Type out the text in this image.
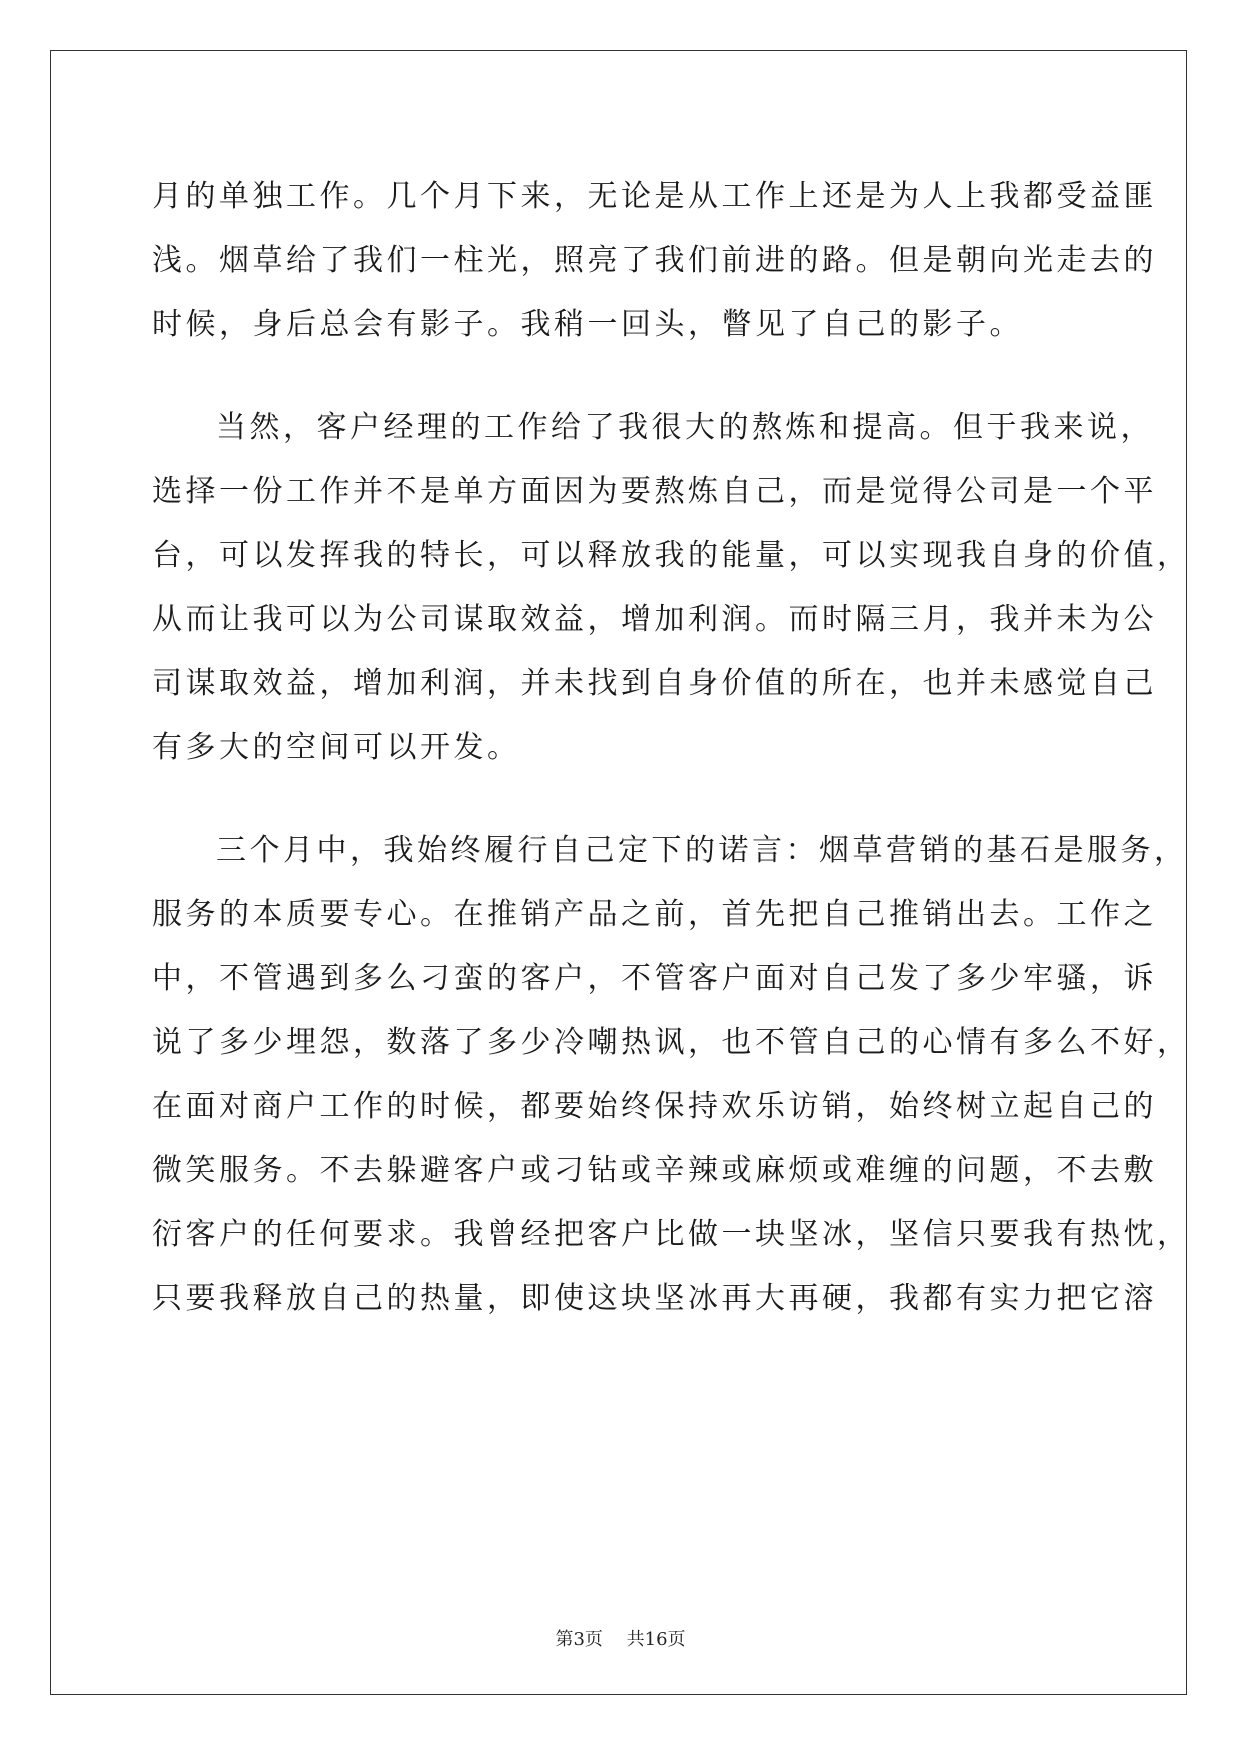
月的单独工作。几个月下来，无论是从工作上还是为人上我都受益匪
浅。烟草给了我们一柱光，照亮了我们前进的路。但是朝向光走去的
时候，身后总会有影子。我稍一回头，瞥见了自己的影子。
当然，客户经理的工作给了我很大的熬炼和提高。但于我来说，
选择一份工作并不是单方面因为要熬炼自己，而是觉得公司是一个平
台，可以发挥我的特长，可以释放我的能量，可以实现我自身的价值，
从而让我可以为公司谋取效益，增加利润。而时隔三月，我并未为公
司谋取效益，增加利润，并未找到自身价值的所在，也并未感觉自己
有多大的空间可以开发。
三个月中，我始终履行自己定下的诺言：烟草营销的基石是服务，
服务的本质要专心。在推销产品之前，首先把自己推销出去。工作之
中，不管遇到多么刁蛮的客户，不管客户面对自己发了多少牢骚，诉
说了多少埋怨，数落了多少冷嘲热讽，也不管自己的心情有多么不好，
在面对商户工作的时候，都要始终保持欢乐访销，始终树立起自己的
微笑服务。不去躲避客户或刁钻或辛辣或麻烦或难缠的问题，不去敷
衍客户的任何要求。我曾经把客户比做一块坚冰，坚信只要我有热忱，
只要我释放自己的热量，即使这块坚冰再大再硬，我都有实力把它溶
第3页 共16页
